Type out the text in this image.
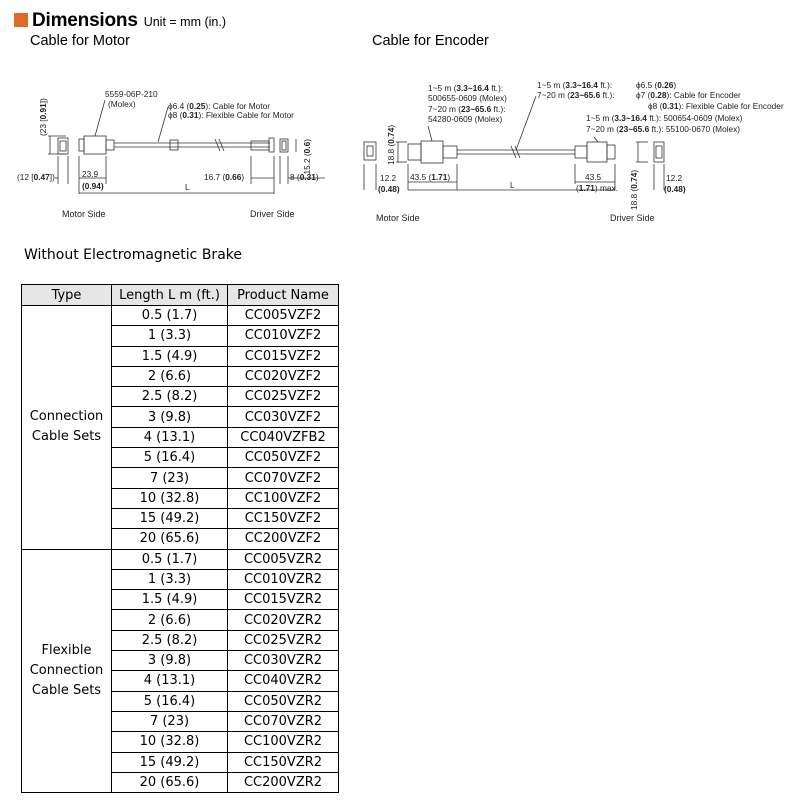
Dimensions Unit = mm (in.)
Cable for Motor	Cable for Encoder
5559-06P-210
(Molex)	ϕ6.4 (0.25): Cable for Motor
ϕ8 (0.31): Flexible Cable for Motor
(23 [0.91])
(12 [0.47])	23.9
(0.94)	L
16.7 (0.66)
15.2 (0.6)
8 (0.31)
Motor Side	Driver Side
1~5 m (3.3~16.4 ft.):
500655-0609 (Molex)
7~20 m (23~65.6 ft.):
54280-0609 (Molex)
1~5 m (3.3~16.4 ft.):
7~20 m (23~65.6 ft.):
ϕ6.5 (0.26)
ϕ7 (0.28): Cable for Encoder
ϕ8 (0.31): Flexible Cable for Encoder
1~5 m (3.3~16.4 ft.): 500654-0609 (Molex)
7~20 m (23~65.6 ft.): 55100-0670 (Molex)
18.8 (0.74)
12.2
(0.48)
43.5 (1.71)
L
43.5
(1.71) max.
18.8 (0.74)
12.2
(0.48)
Motor Side	Driver Side
Without Electromagnetic Brake
Type	Length L m (ft.)	Product Name

Connection
Cable Sets	0.5 (1.7)	CC005VZF2
	1 (3.3)	CC010VZF2
	1.5 (4.9)	CC015VZF2
	2 (6.6)	CC020VZF2
	2.5 (8.2)	CC025VZF2
	3 (9.8)	CC030VZF2
	4 (13.1)	CC040VZFB2
	5 (16.4)	CC050VZF2
	7 (23)	CC070VZF2
	10 (32.8)	CC100VZF2
	15 (49.2)	CC150VZF2
	20 (65.6)	CC200VZF2

Flexible
Connection
Cable Sets	0.5 (1.7)	CC005VZR2
	1 (3.3)	CC010VZR2
	1.5 (4.9)	CC015VZR2
	2 (6.6)	CC020VZR2
	2.5 (8.2)	CC025VZR2
	3 (9.8)	CC030VZR2
	4 (13.1)	CC040VZR2
	5 (16.4)	CC050VZR2
	7 (23)	CC070VZR2
	10 (32.8)	CC100VZR2
	15 (49.2)	CC150VZR2
	20 (65.6)	CC200VZR2
